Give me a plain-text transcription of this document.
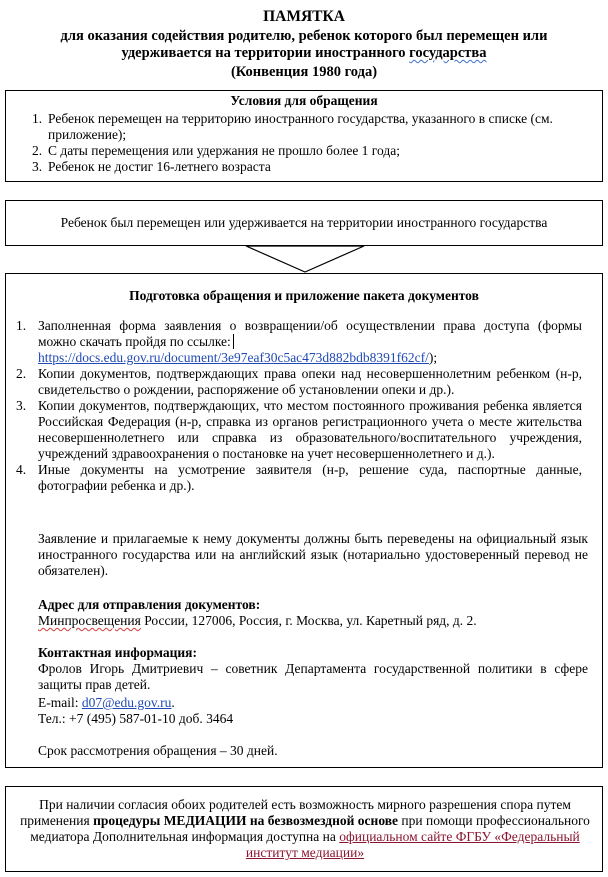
ПАМЯТКА
для оказания содействия родителю, ребенок которого был перемещен или
удерживается на территории иностранного государства
(Конвенция 1980 года)
Условия для обращения
1. Ребенок перемещен на территорию иностранного государства, указанного в списке (см. приложение);
2. С даты перемещения или удержания не прошло более 1 года;
3. Ребенок не достиг 16-летнего возраста
Ребенок был перемещен или удерживается на территории иностранного государства
Подготовка обращения и приложение пакета документов
1. Заполненная форма заявления о возвращении/об осуществлении права доступа (формы можно скачать пройдя по ссылке:
https://docs.edu.gov.ru/document/3e97eaf30c5ac473d882bdb8391f62cf/);
2. Копии документов, подтверждающих права опеки над несовершеннолетним ребенком (н-р, свидетельство о рождении, распоряжение об установлении опеки и др.).
3. Копии документов, подтверждающих, что местом постоянного проживания ребенка является Российская Федерация (н-р, справка из органов регистрационного учета о месте жительства несовершеннолетнего или справка из образовательного/воспитательного учреждения, учреждений здравоохранения о постановке на учет несовершеннолетнего и д.).
4. Иные документы на усмотрение заявителя (н-р, решение суда, паспортные данные, фотографии ребенка и др.).
Заявление и прилагаемые к нему документы должны быть переведены на официальный язык иностранного государства или на английский язык (нотариально удостоверенный перевод не обязателен).
Адрес для отправления документов:
Минпросвещения России, 127006, Россия, г. Москва, ул. Каретный ряд, д. 2.
Контактная информация:
Фролов Игорь Дмитриевич – советник Департамента государственной политики в сфере защиты прав детей.
E-mail: d07@edu.gov.ru.
Тел.: +7 (495) 587-01-10 доб. 3464
Срок рассмотрения обращения – 30 дней.
При наличии согласия обоих родителей есть возможность мирного разрешения спора путем применения процедуры МЕДИАЦИИ на безвозмездной основе при помощи профессионального медиатора Дополнительная информация доступна на официальном сайте ФГБУ «Федеральный институт медиации»
